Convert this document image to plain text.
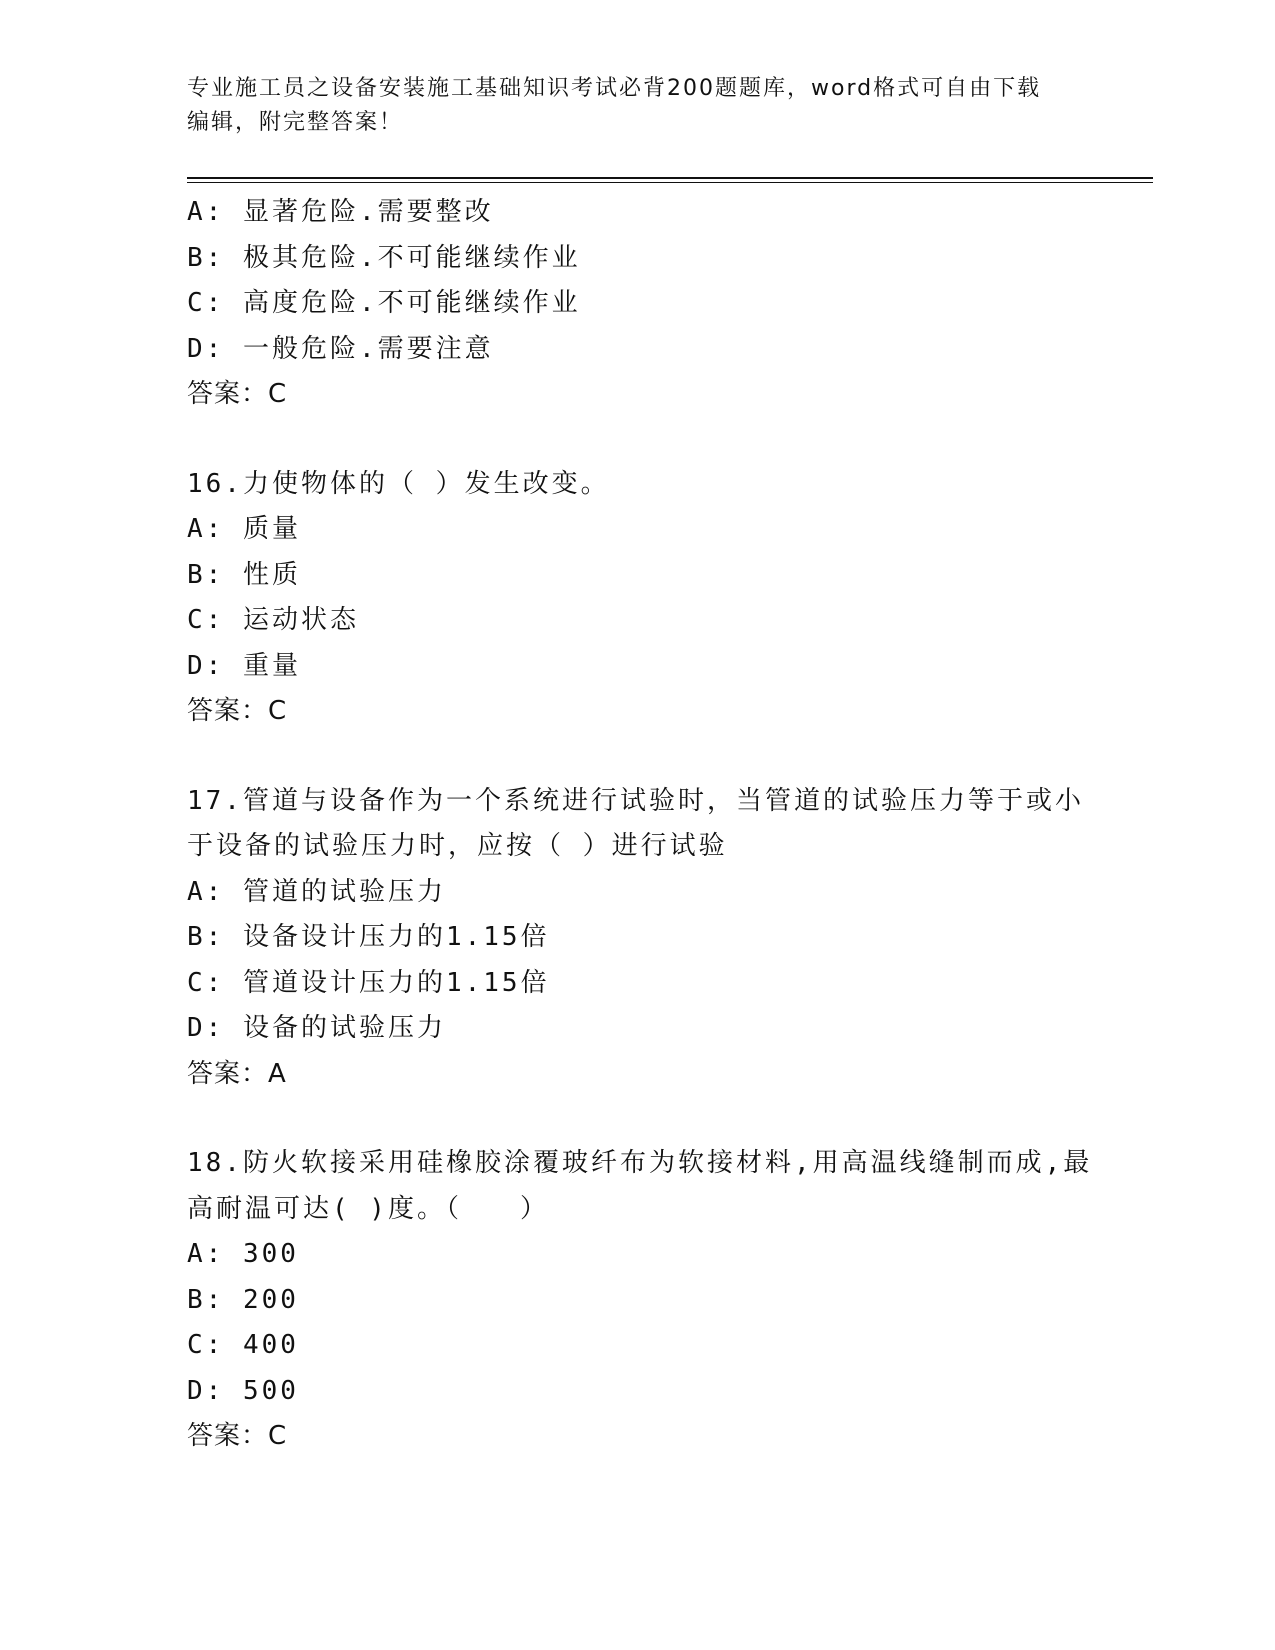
专业施工员之设备安装施工基础知识考试必背200题题库，word格式可自由下载
编辑，附完整答案！
A: 显著危险.需要整改
B: 极其危险.不可能继续作业
C: 高度危险.不可能继续作业
D: 一般危险.需要注意
答案：C
16.力使物体的（ ）发生改变。
A: 质量
B: 性质
C: 运动状态
D: 重量
答案：C
17.管道与设备作为一个系统进行试验时，当管道的试验压力等于或小
于设备的试验压力时，应按（ ）进行试验
A: 管道的试验压力
B: 设备设计压力的1.15倍
C: 管道设计压力的1.15倍
D: 设备的试验压力
答案：A
18.防火软接采用硅橡胶涂覆玻纤布为软接材料,用高温线缝制而成,最
高耐温可达( )度。（　　）
A: 300
B: 200
C: 400
D: 500
答案：C
